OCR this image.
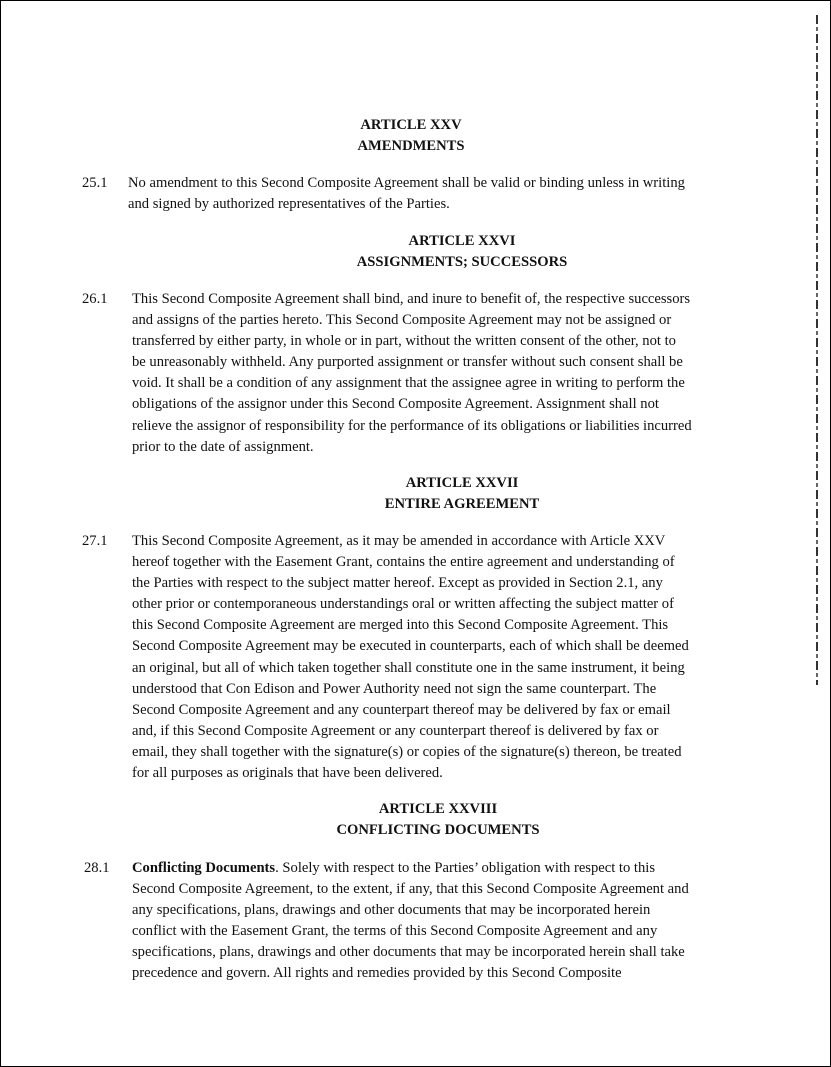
ARTICLE XXV
AMENDMENTS
25.1 No amendment to this Second Composite Agreement shall be valid or binding unless in writing
and signed by authorized representatives of the Parties.

ARTICLE XXVI
ASSIGNMENTS; SUCCESSORS
26.1 This Second Composite Agreement shall bind, and inure to benefit of, the respective successors
and assigns of the parties hereto. This Second Composite Agreement may not be assigned or
transferred by either party, in whole or in part, without the written consent of the other, not to
be unreasonably withheld. Any purported assignment or transfer without such consent shall be
void. It shall be a condition of any assignment that the assignee agree in writing to perform the
obligations of the assignor under this Second Composite Agreement. Assignment shall not
relieve the assignor of responsibility for the performance of its obligations or liabilities incurred
prior to the date of assignment.

ARTICLE XXVII
ENTIRE AGREEMENT
27.1 This Second Composite Agreement, as it may be amended in accordance with Article XXV
hereof together with the Easement Grant, contains the entire agreement and understanding of
the Parties with respect to the subject matter hereof. Except as provided in Section 2.1, any
other prior or contemporaneous understandings oral or written affecting the subject matter of
this Second Composite Agreement are merged into this Second Composite Agreement. This
Second Composite Agreement may be executed in counterparts, each of which shall be deemed
an original, but all of which taken together shall constitute one in the same instrument, it being
understood that Con Edison and Power Authority need not sign the same counterpart. The
Second Composite Agreement and any counterpart thereof may be delivered by fax or email
and, if this Second Composite Agreement or any counterpart thereof is delivered by fax or
email, they shall together with the signature(s) or copies of the signature(s) thereon, be treated
for all purposes as originals that have been delivered.

ARTICLE XXVIII
CONFLICTING DOCUMENTS
28.1 Conflicting Documents. Solely with respect to the Parties’ obligation with respect to this
Second Composite Agreement, to the extent, if any, that this Second Composite Agreement and
any specifications, plans, drawings and other documents that may be incorporated herein
conflict with the Easement Grant, the terms of this Second Composite Agreement and any
specifications, plans, drawings and other documents that may be incorporated herein shall take
precedence and govern. All rights and remedies provided by this Second Composite
